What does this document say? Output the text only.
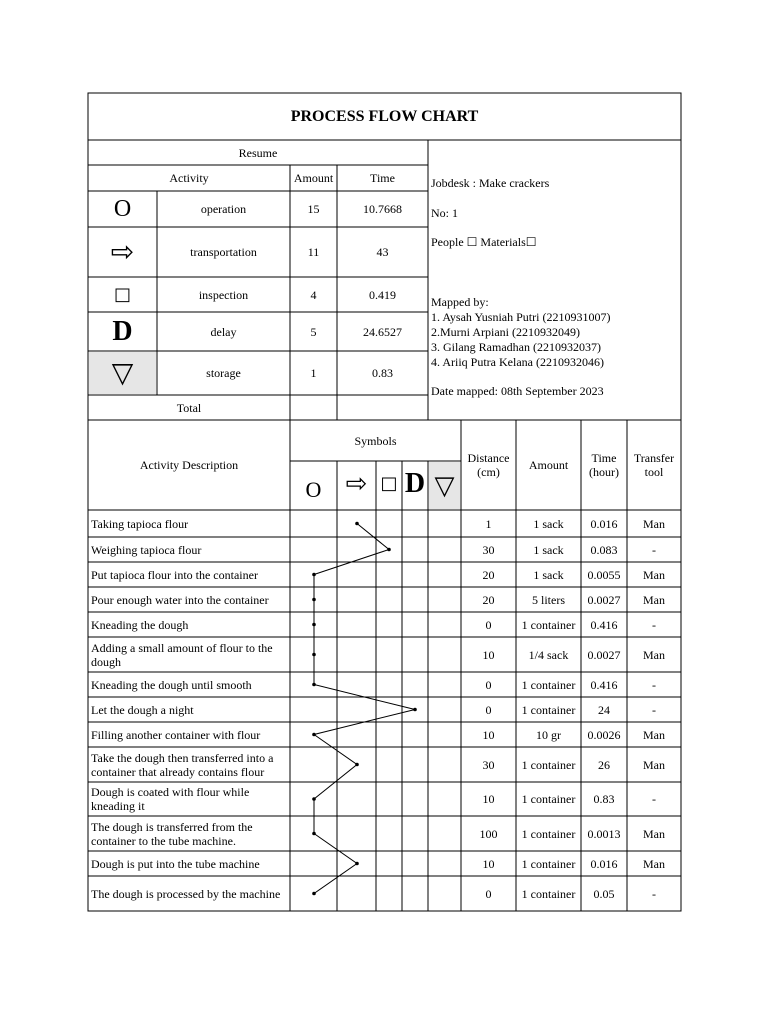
PROCESS FLOW CHART
Resume
Activity	Amount	Time
O	operation	15	10.7668
⇨	transportation	11	43
□	inspection	4	0.419
D	delay	5	24.6527
▽	storage	1	0.83
Total
Jobdesk : Make crackers
No: 1
People ☐ Materials☐
Mapped by:
1. Aysah Yusniah Putri (2210931007)
2.Murni Arpiani (2210932049)
3. Gilang Ramadhan (2210932037)
4. Ariiq Putra Kelana (2210932046)
Date mapped: 08th September 2023
Activity Description
Symbols
Distance (cm)	Amount	Time (hour)
Transfer tool
O ⇨ □ D ▽
Taking tapioca flour	1	1 sack	0.016	Man
Weighing tapioca flour	30	1 sack	0.083	-
Put tapioca flour into the container	20	1 sack	0.0055	Man
Pour enough water into the container	20	5 liters	0.0027	Man
Kneading the dough	0	1 container	0.416	-
Adding a small amount of flour to the dough	10	1/4 sack	0.0027	Man
Kneading the dough until smooth	0	1 container	0.416	-
Let the dough a night	0	1 container	24	-
Filling another container with flour	10	10 gr	0.0026	Man
Take the dough then transferred into a container that already contains flour	30	1 container	26	Man
Dough is coated with flour while kneading it	10	1 container	0.83	-
The dough is transferred from the container to the tube machine.	100	1 container	0.0013	Man
Dough is put into the tube machine	10	1 container	0.016	Man
The dough is processed by the machine	0	1 container	0.05	-
